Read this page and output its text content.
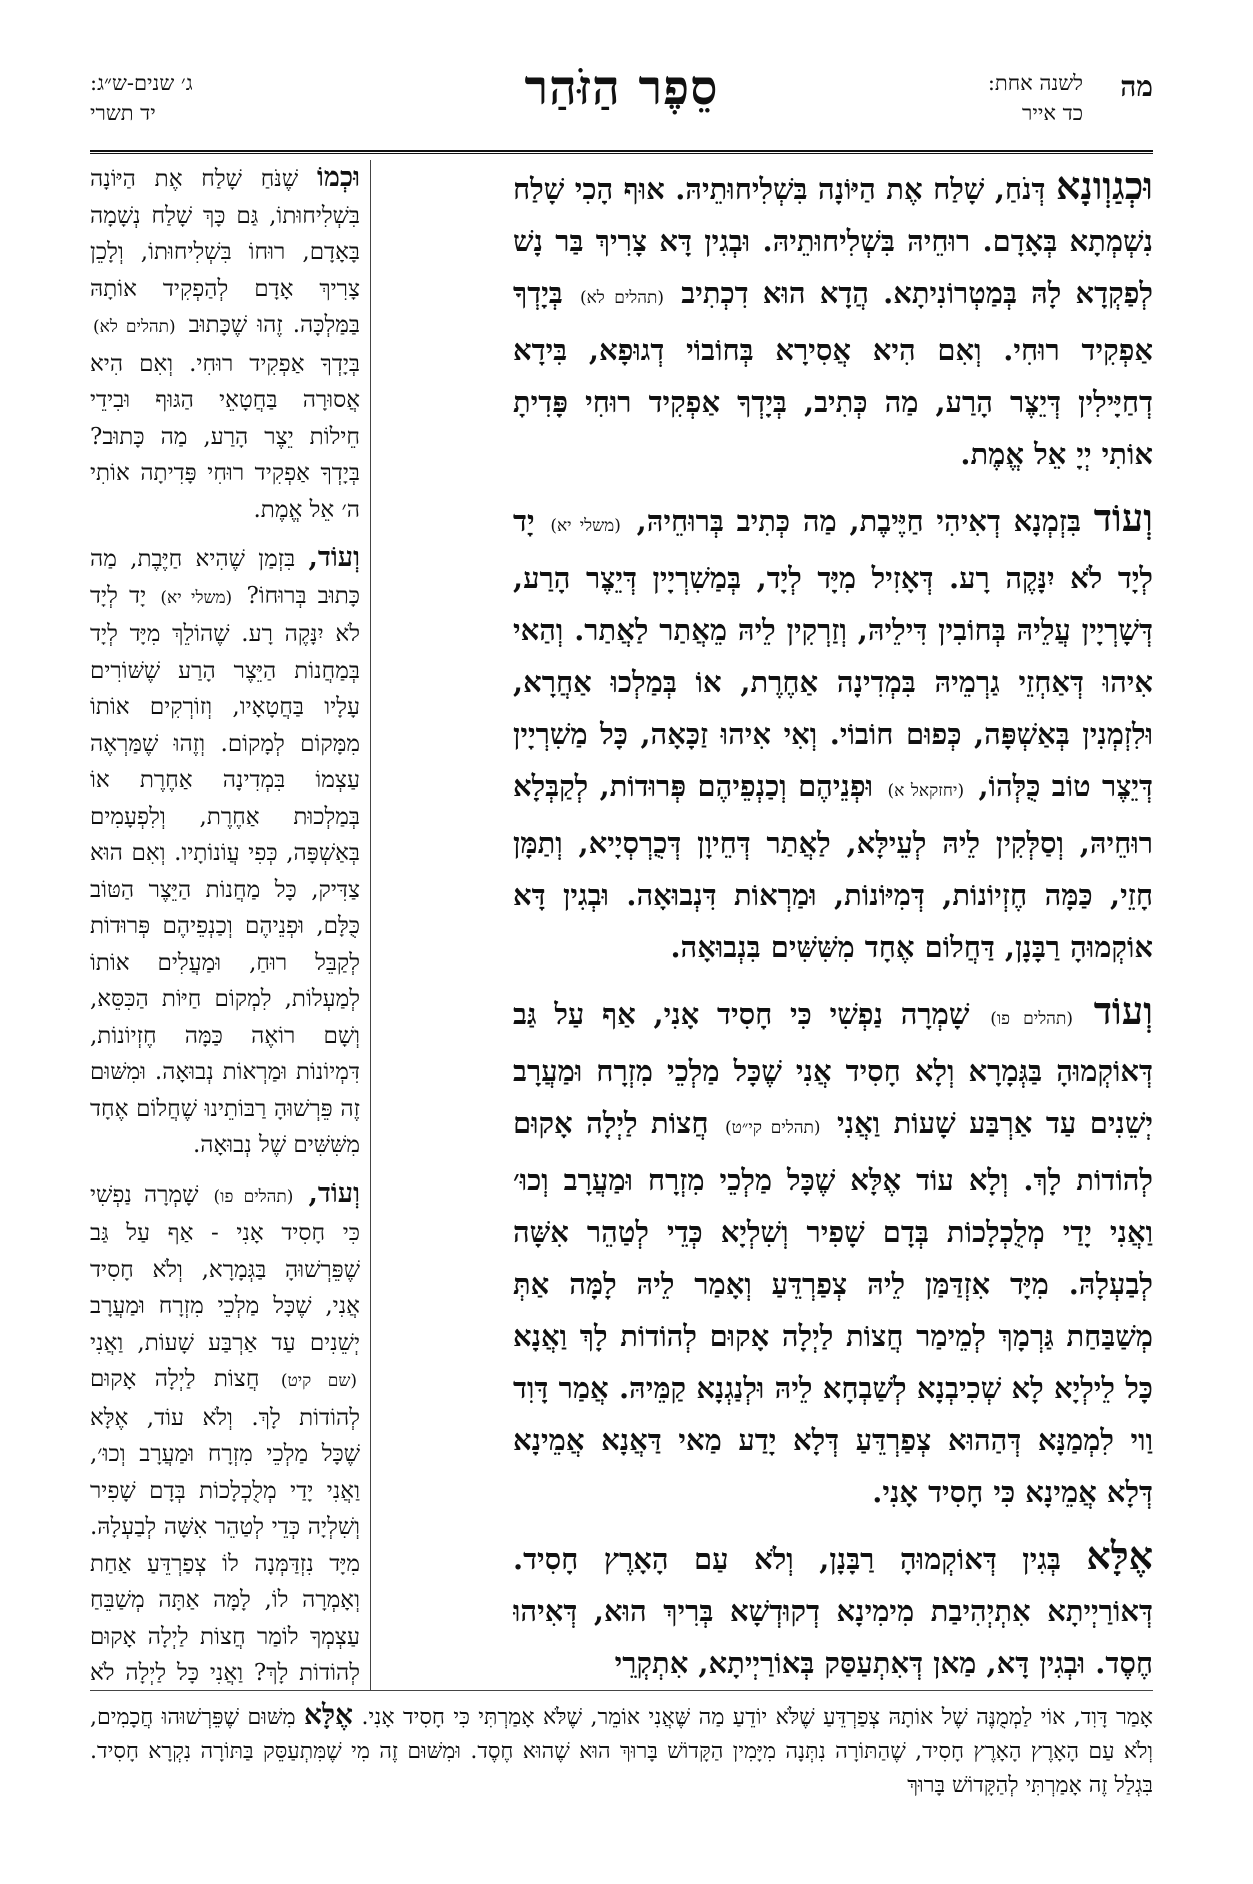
מה
לשנה אחת:
כד אייר
סֵפֶר הַזֹּהַר
ג׳ שנים-ש״ג:
יד תשרי

וּכְגַוְונָא דְּנֹחַ, שָׁלַח אֶת הַיּוֹנָה בִּשְׁלִיחוּתֵיהּ. אוּף הָכִי שָׁלַח נִשְׁמְתָא בְּאָדָם. רוּחֵיהּ בִּשְׁלִיחוּתֵיהּ. וּבְגִין דָּא צָרִיךְ בַּר נָשׁ לְפַקְדָא לָהּ בְּמַטְרוֹנִיתָא. הֲדָא הוּא דִכְתִיב (תהלים לא) בְּיָדְךָ אַפְקִיד רוּחִי. וְאִם הִיא אֲסִירָא בְּחוֹבוֹי דְגוּפָא, בִּידָא דְחַיָּילִין דְּיֵצֶר הָרַע, מַה כְּתִיב, בְּיָדְךָ אַפְקִיד רוּחִי פָּדִיתָ אוֹתִי יְיָ אֵל אֱמֶת.

וְעוֹד בִּזְמְנָא דְאִיהִי חַיֶּיבֶת, מַה כְּתִיב בְּרוּחֵיהּ, (משלי יא) יָד לְיָד לֹא יִנָּקֶה רָע. דְּאָזִיל מִיָּד לְיָד, בְּמַשִׁרְיָין דְּיֵצֶר הָרַע, דְּשָׁרְיָין עֲלֵיהּ בְּחוֹבִין דִּילֵיהּ, וְזַרְקִין לֵיהּ מֵאֲתַר לַאֲתַר. וְהַאי אִיהוּ דְּאַחְזֵי גַרְמֵיהּ בִּמְדִינָה אַחֶרֶת, אוֹ בְּמַלְכוּ אַחֲרָא, וּלִזְמְנִין בְּאַשְׁפָּה, כְּפוּם חוֹבוֹי. וְאִי אִיהוּ זַכָּאָה, כָּל מַשִׁרְיָין דְּיֵצֶר טוֹב כֻּלְּהוֹ, (יחזקאל א) וּפְנֵיהֶם וְכַנְפֵיהֶם פְּרוּדוֹת, לְקַבְּלָא רוּחֵיהּ, וְסַלְּקִין לֵיהּ לְעֵילָּא, לַאֲתַר דְּחֵיוָן דְּכֻרְסְיָיא, וְתַמָּן חָזֵי, כַּמָּה חֶזְיוֹנוֹת, דְּמִיּוֹנוֹת, וּמַרְאוֹת דִּנְבוּאָה. וּבְגִין דָּא אוֹקְמוּהָ רַבָּנָן, דַּחֲלוֹם אֶחָד מִשִּׁשִּׁים בִּנְבוּאָה.

וְעוֹד (תהלים פו) שָׁמְרָה נַפְשִׁי כִּי חָסִיד אָנִי, אַף עַל גַּב דְּאוֹקְמוּהָ בַּגְּמָרָא וְלָא חָסִיד אֲנִי שֶׁכָּל מַלְכֵי מִזְרָח וּמַעֲרָב יְשֵׁנִים עַד אַרְבַּע שָׁעוֹת וַאֲנִי (תהלים קי״ט) חֲצוֹת לַיְלָה אָקוּם לְהוֹדוֹת לָךְ. וְלָא עוֹד אֶלָּא שֶׁכָּל מַלְכֵי מִזְרָח וּמַעֲרָב וְכוּ׳ וַאֲנִי יָדַי מְלֻכְלָכוֹת בְּדָם שָׁפִיר וְשִׁלְיָא כְּדֵי לְטַהֵר אִשָּׁה לְבַעְלָהּ. מִיָּד אִזְדַּמַּן לֵיהּ צְפַרְדֵּעַ וְאָמַר לֵיהּ לָמָּה אַתְּ מְשַׁבַּחַת גַּרְמָךְ לְמֵימַר חֲצוֹת לַיְלָה אָקוּם לְהוֹדוֹת לָךְ וַאֲנָא כָּל לֵילְיָא לָא שְׁכִיבְנָא לְשַׁבְחָא לֵיהּ וּלְנַגְנָא קַמֵּיהּ. אֲמַר דָּוִד וַוי לִמְמַנָּא דְּהַהוּא צְפַרְדֵּעַ דְּלָא יָדַע מַאי דַּאֲנָא אֲמֵינָא דְּלָא אֲמֵינָא כִּי חָסִיד אָנִי.

אֶלָּא בְּגִין דְּאוֹקְמוּהָ רַבָּנָן, וְלֹא עַם הָאָרֶץ חָסִיד. דְּאוֹרַיְיתָא אִתְיְהִיבַת מִימִינָא דְקוּדְשָׁא בְּרִיךְ הוּא, דְּאִיהוּ חֶסֶד. וּבְגִין דָּא, מַאן דְּאִתְעַסַּק בְּאוֹרַיְיתָא, אִתְקְרֵי

וּכְמוֹ שֶׁנֹּחַ שָׁלַח אֶת הַיּוֹנָה בִּשְׁלִיחוּתוֹ, גַּם כָּךְ שָׁלַח נְשָׁמָה בָּאָדָם, רוּחוֹ בִּשְׁלִיחוּתוֹ, וְלָכֵן צָרִיךְ אָדָם לְהַפְקִיד אוֹתָהּ בַּמַּלְכָּה. זֶהוּ שֶׁכָּתוּב (תהלים לא) בְּיָדְךָ אַפְקִיד רוּחִי. וְאִם הִיא אֲסוּרָה בַּחֲטָאֵי הַגּוּף וּבִידֵי חֵילוֹת יֵצֶר הָרַע, מַה כָּתוּב? בְּיָדְךָ אַפְקִיד רוּחִי פָּדִיתָה אוֹתִי ה׳ אֵל אֱמֶת.

וְעוֹד, בִּזְמַן שֶׁהִיא חַיֶּבֶת, מַה כָּתוּב בְּרוּחוֹ? (משלי יא) יָד לְיָד לֹא יִנָּקֶה רָע. שֶׁהוֹלֵךְ מִיָּד לְיָד בְּמַחֲנוֹת הַיֵּצֶר הָרַע שֶׁשּׁוֹרִים עָלָיו בַּחֲטָאָיו, וְזוֹרְקִים אוֹתוֹ מִמָּקוֹם לְמָקוֹם. וְזֶהוּ שֶׁמַּרְאֶה עַצְמוֹ בִּמְדִינָה אַחֶרֶת אוֹ בְּמַלְכוּת אַחֶרֶת, וְלִפְעָמִים בְּאַשְׁפָּה, כְּפִי עֲוֹנוֹתָיו. וְאִם הוּא צַדִּיק, כָּל מַחֲנוֹת הַיֵּצֶר הַטּוֹב כֻּלָּם, וּפְנֵיהֶם וְכַנְפֵיהֶם פְּרוּדוֹת לְקַבֵּל רוּחַ, וּמַעֲלִים אוֹתוֹ לְמַעְלוֹת, לִמְקוֹם חַיּוֹת הַכִּסֵּא, וְשָׁם רוֹאֶה כַּמָּה חֶזְיוֹנוֹת, דִּמְיוֹנוֹת וּמַרְאוֹת נְבוּאָה. וּמִשּׁוּם זֶה פֵּרְשׁוּהָ רַבּוֹתֵינוּ שֶׁחֲלוֹם אֶחָד מִשִּׁשִּׁים שֶׁל נְבוּאָה.

וְעוֹד, (תהלים פו) שָׁמְרָה נַפְשִׁי כִּי חָסִיד אָנִי - אַף עַל גַּב שֶׁפֵּרְשׁוּהָ בַּגְּמָרָא, וְלֹא חָסִיד אֲנִי, שֶׁכָּל מַלְכֵי מִזְרָח וּמַעֲרָב יְשֵׁנִים עַד אַרְבַּע שָׁעוֹת, וַאֲנִי (שם קיט) חֲצוֹת לַיְלָה אָקוּם לְהוֹדוֹת לָךְ. וְלֹא עוֹד, אֶלָּא שֶׁכָּל מַלְכֵי מִזְרָח וּמַעֲרָב וְכוּ׳, וַאֲנִי יָדַי מְלֻכְלָכוֹת בְּדָם שָׁפִיר וְשִׁלְיָה כְּדֵי לְטַהֵר אִשָּׁה לְבַעְלָהּ. מִיָּד נִזְדַּמְּנָה לוֹ צְפַרְדֵּעַ אַחַת וְאָמְרָה לוֹ, לָמָּה אַתָּה מְשַׁבֵּחַ עַצְמְךָ לוֹמַר חֲצוֹת לַיְלָה אָקוּם לְהוֹדוֹת לָךְ? וַאֲנִי כָּל לַיְלָה לֹא

אָמַר דָּוִד, אוֹי לַמְמֻנֶּה שֶׁל אוֹתָהּ צְפַרְדֵּעַ שֶׁלֹּא יוֹדֵעַ מַה שֶּׁאֲנִי אוֹמֵר, שֶׁלֹּא אָמַרְתִּי כִּי חָסִיד אָנִי. אֶלָּא מִשּׁוּם שֶׁפֵּרְשׁוּהוּ חֲכָמִים, וְלֹא עַם הָאָרֶץ הָאָרֶץ חָסִיד, שֶׁהַתּוֹרָה נִתְּנָה מִיָּמִין הַקָּדוֹשׁ בָּרוּךְ הוּא שֶׁהוּא חֶסֶד. וּמִשּׁוּם זֶה מִי שֶׁמִּתְעַסֵּק בַּתּוֹרָה נִקְרָא חָסִיד. בִּגְלַל זֶה אָמַרְתִּי לְהַקָּדוֹשׁ בָּרוּךְ
